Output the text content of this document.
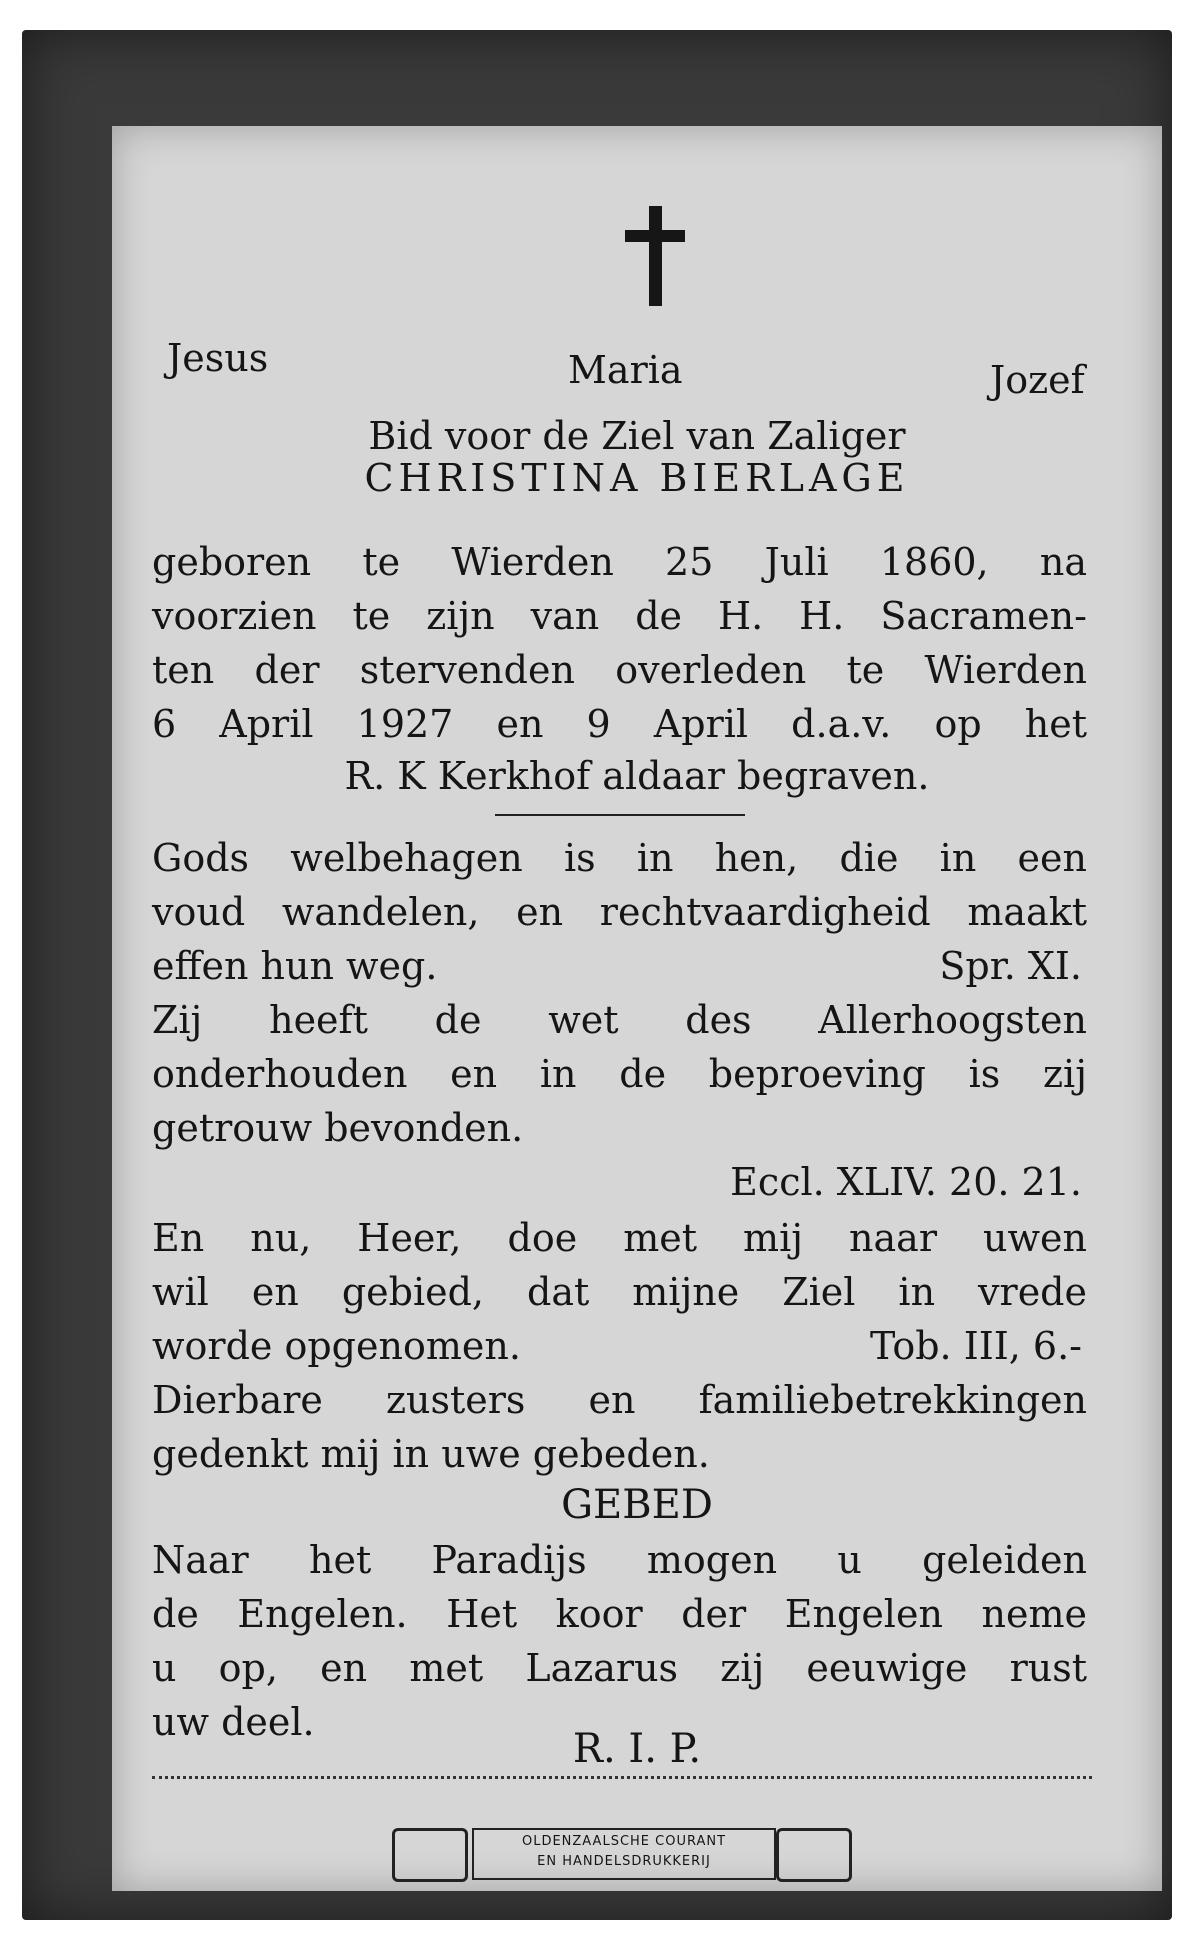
Jesus	Maria	Jozef
Bid voor de Ziel van Zaliger
CHRISTINA BIERLAGE
geboren te Wierden 25 Juli 1860, na
voorzien te zijn van de H. H. Sacramen-
ten der stervenden overleden te Wierden
6 April 1927 en 9 April d.a.v. op het
R. K Kerkhof aldaar begraven.
Gods welbehagen is in hen, die in een
voud wandelen, en rechtvaardigheid maakt
effen hun weg.	Spr. XI.
Zij heeft de wet des Allerhoogsten
onderhouden en in de beproeving is zij
getrouw bevonden.
Eccl. XLIV. 20. 21.
En nu, Heer, doe met mij naar uwen
wil en gebied, dat mijne Ziel in vrede
worde opgenomen.	Tob. III, 6.-
Dierbare zusters en familiebetrekkingen
gedenkt mij in uwe gebeden.
GEBED
Naar het Paradijs mogen u geleiden
de Engelen. Het koor der Engelen neme
u op, en met Lazarus zij eeuwige rust
uw deel.
R. I. P.
OLDENZAALSCHE COURANT
EN HANDELSDRUKKERIJ
